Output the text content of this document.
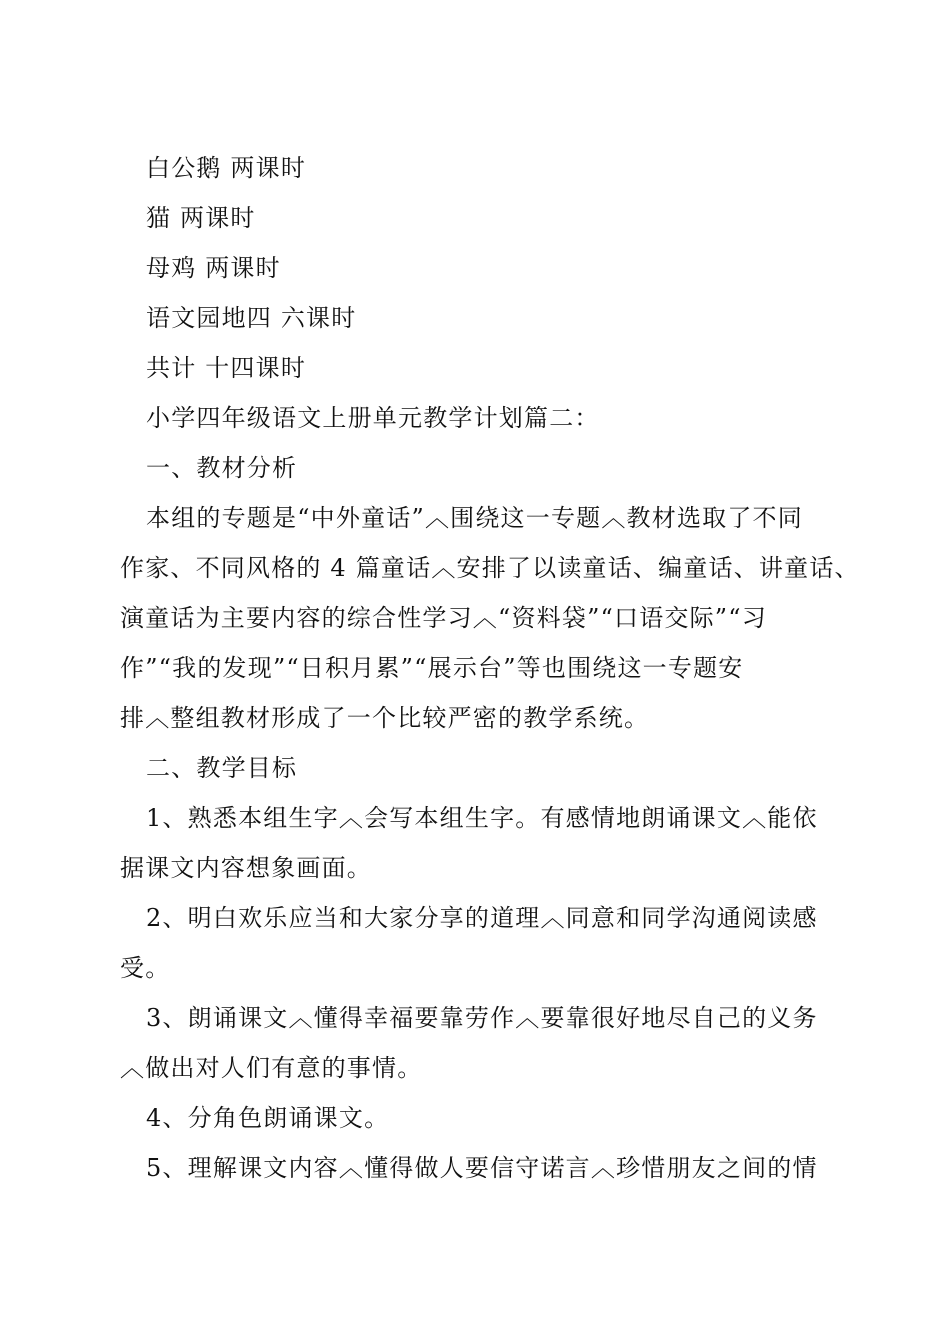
白公鹅 两课时
猫 两课时
母鸡 两课时
语文园地四 六课时
共计 十四课时
小学四年级语文上册单元教学计划篇二：
一、教材分析
本组的专题是“中外童话”︿围绕这一专题︿教材选取了不同
作家、不同风格的 4 篇童话︿安排了以读童话、编童话、讲童话、
演童话为主要内容的综合性学习︿“资料袋”“口语交际”“习
作”“我的发现”“日积月累”“展示台”等也围绕这一专题安
排︿整组教材形成了一个比较严密的教学系统。
二、教学目标
1、熟悉本组生字︿会写本组生字。有感情地朗诵课文︿能依
据课文内容想象画面。
2、明白欢乐应当和大家分享的道理︿同意和同学沟通阅读感
受。
3、朗诵课文︿懂得幸福要靠劳作︿要靠很好地尽自己的义务
︿做出对人们有意的事情。
4、分角色朗诵课文。
5、理解课文内容︿懂得做人要信守诺言︿珍惜朋友之间的情
